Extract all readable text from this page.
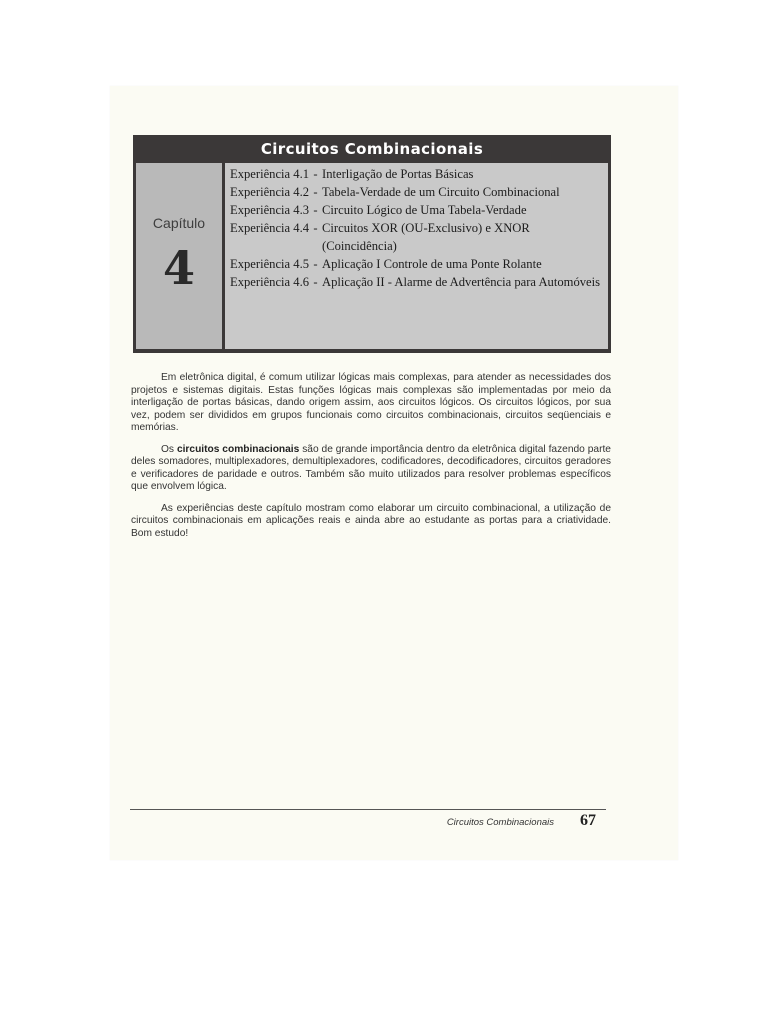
Circuitos Combinacionais
Capítulo
4
Experiência 4.1 - Interligação de Portas Básicas
Experiência 4.2 - Tabela-Verdade de um Circuito Combinacional
Experiência 4.3 - Circuito Lógico de Uma Tabela-Verdade
Experiência 4.4 - Circuitos XOR (OU-Exclusivo) e XNOR (Coincidência)
Experiência 4.5 - Aplicação I Controle de uma Ponte Rolante
Experiência 4.6 - Aplicação II - Alarme de Advertência para Automóveis

Em eletrônica digital, é comum utilizar lógicas mais complexas, para atender as necessidades dos projetos e sistemas digitais. Estas funções lógicas mais complexas são implementadas por meio da interligação de portas básicas, dando origem assim, aos circuitos lógicos. Os circuitos lógicos, por sua vez, podem ser divididos em grupos funcionais como circuitos combinacionais, circuitos seqüenciais e memórias.

Os circuitos combinacionais são de grande importância dentro da eletrônica digital fazendo parte deles somadores, multiplexadores, demultiplexadores, codificadores, decodificadores, circuitos geradores e verificadores de paridade e outros. Também são muito utilizados para resolver problemas específicos que envolvem lógica.

As experiências deste capítulo mostram como elaborar um circuito combinacional, a utilização de circuitos combinacionais em aplicações reais e ainda abre ao estudante as portas para a criatividade. Bom estudo!

Circuitos Combinacionais 67
